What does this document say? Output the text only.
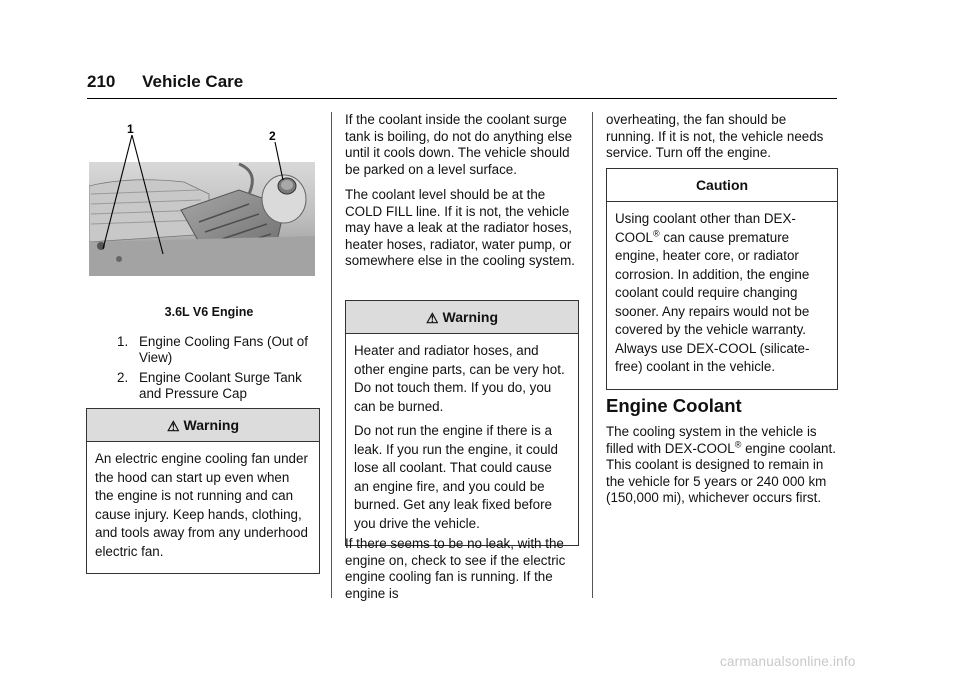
210 Vehicle Care
1	2
3.6L V6 Engine
1. Engine Cooling Fans (Out of View)
2. Engine Coolant Surge Tank and Pressure Cap
⚠ Warning

An electric engine cooling fan under the hood can start up even when the engine is not running and can cause injury. Keep hands, clothing, and tools away from any underhood electric fan.

If the coolant inside the coolant surge tank is boiling, do not do anything else until it cools down. The vehicle should be parked on a level surface.

The coolant level should be at the COLD FILL line. If it is not, the vehicle may have a leak at the radiator hoses, heater hoses, radiator, water pump, or somewhere else in the cooling system.

⚠ Warning

Heater and radiator hoses, and other engine parts, can be very hot. Do not touch them. If you do, you can be burned.

Do not run the engine if there is a leak. If you run the engine, it could lose all coolant. That could cause an engine fire, and you could be burned. Get any leak fixed before you drive the vehicle.

If there seems to be no leak, with the engine on, check to see if the electric engine cooling fan is running. If the engine is

overheating, the fan should be running. If it is not, the vehicle needs service. Turn off the engine.

Caution

Using coolant other than DEX-COOL® can cause premature engine, heater core, or radiator corrosion. In addition, the engine coolant could require changing sooner. Any repairs would not be covered by the vehicle warranty. Always use DEX-COOL (silicate-free) coolant in the vehicle.

Engine Coolant

The cooling system in the vehicle is filled with DEX-COOL® engine coolant. This coolant is designed to remain in the vehicle for 5 years or 240 000 km (150,000 mi), whichever occurs first.

carmanualsonline.info
